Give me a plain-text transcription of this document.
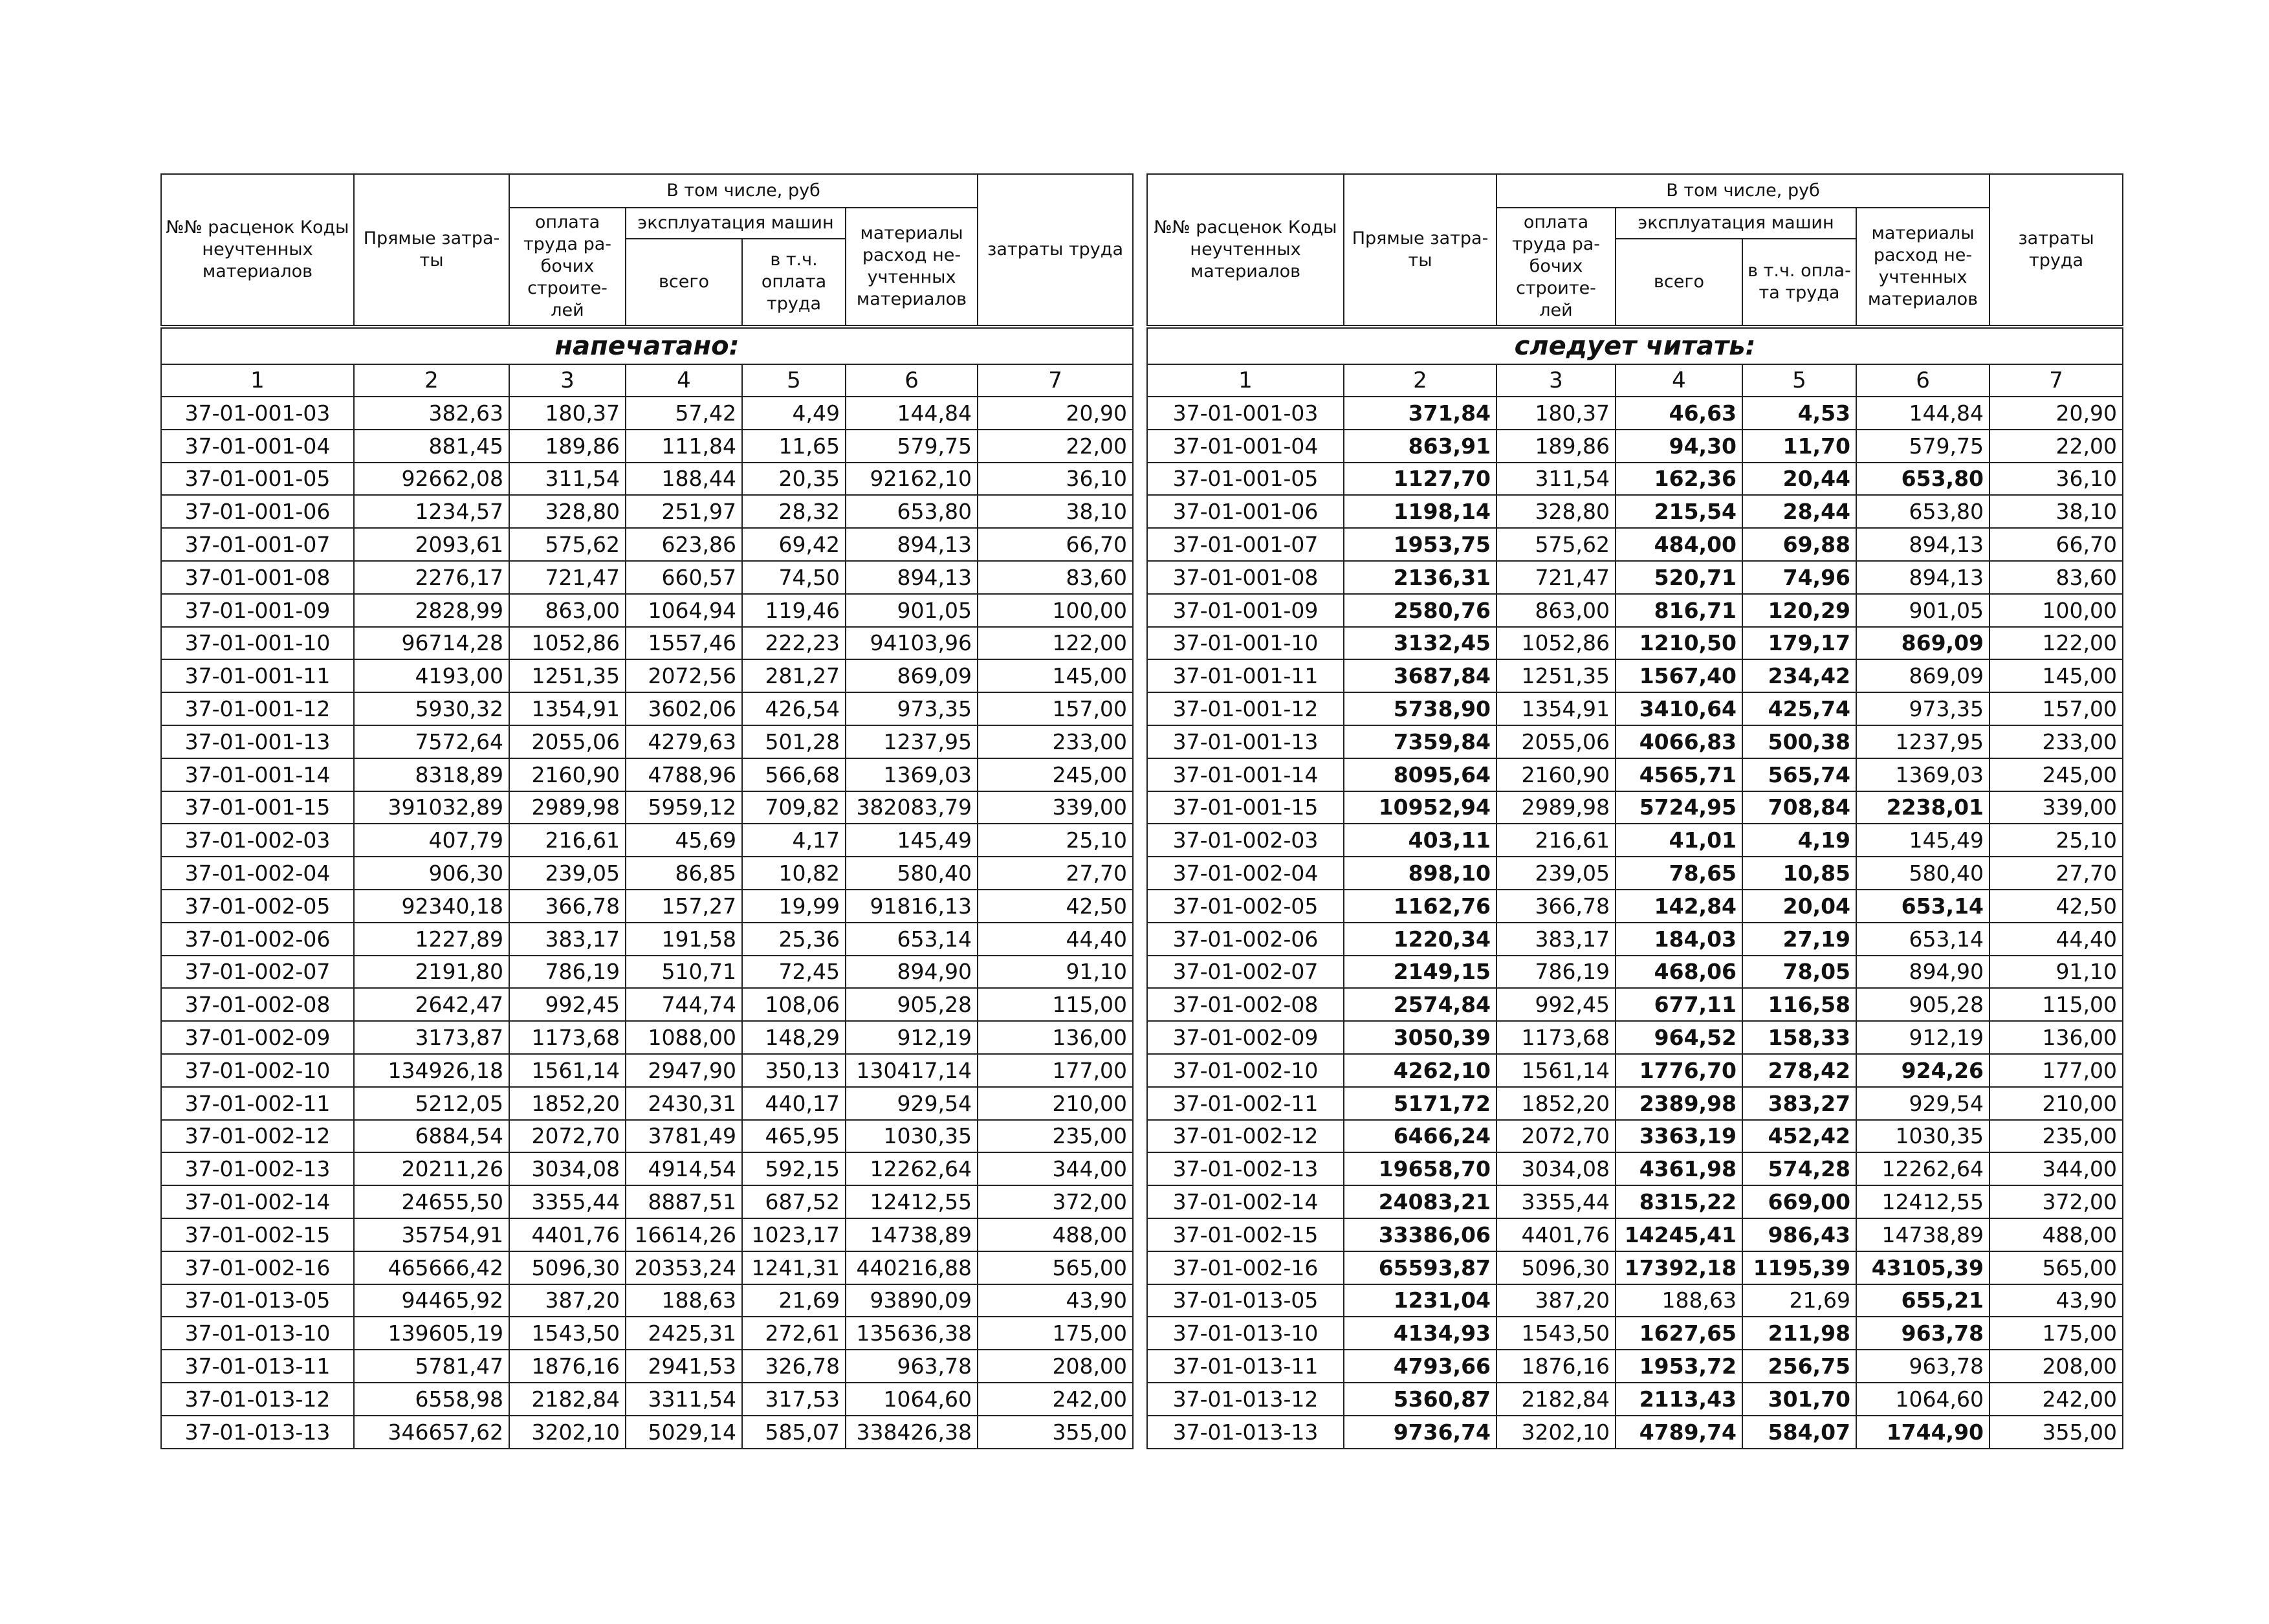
№№ расценок Коды неучтенных материалов	Прямые затра-ты	В том числе, руб				затраты труда
		оплата труда ра-бочих строите-лей	эксплуатация машин		материалы расход не-учтенных материалов	
			всего	в т.ч. оплата труда		

напечатано:						
1	2	3	4	5	6	7
37-01-001-03	382,63	180,37	57,42	4,49	144,84	20,90
37-01-001-04	881,45	189,86	111,84	11,65	579,75	22,00
37-01-001-05	92662,08	311,54	188,44	20,35	92162,10	36,10
37-01-001-06	1234,57	328,80	251,97	28,32	653,80	38,10
37-01-001-07	2093,61	575,62	623,86	69,42	894,13	66,70
37-01-001-08	2276,17	721,47	660,57	74,50	894,13	83,60
37-01-001-09	2828,99	863,00	1064,94	119,46	901,05	100,00
37-01-001-10	96714,28	1052,86	1557,46	222,23	94103,96	122,00
37-01-001-11	4193,00	1251,35	2072,56	281,27	869,09	145,00
37-01-001-12	5930,32	1354,91	3602,06	426,54	973,35	157,00
37-01-001-13	7572,64	2055,06	4279,63	501,28	1237,95	233,00
37-01-001-14	8318,89	2160,90	4788,96	566,68	1369,03	245,00
37-01-001-15	391032,89	2989,98	5959,12	709,82	382083,79	339,00
37-01-002-03	407,79	216,61	45,69	4,17	145,49	25,10
37-01-002-04	906,30	239,05	86,85	10,82	580,40	27,70
37-01-002-05	92340,18	366,78	157,27	19,99	91816,13	42,50
37-01-002-06	1227,89	383,17	191,58	25,36	653,14	44,40
37-01-002-07	2191,80	786,19	510,71	72,45	894,90	91,10
37-01-002-08	2642,47	992,45	744,74	108,06	905,28	115,00
37-01-002-09	3173,87	1173,68	1088,00	148,29	912,19	136,00
37-01-002-10	134926,18	1561,14	2947,90	350,13	130417,14	177,00
37-01-002-11	5212,05	1852,20	2430,31	440,17	929,54	210,00
37-01-002-12	6884,54	2072,70	3781,49	465,95	1030,35	235,00
37-01-002-13	20211,26	3034,08	4914,54	592,15	12262,64	344,00
37-01-002-14	24655,50	3355,44	8887,51	687,52	12412,55	372,00
37-01-002-15	35754,91	4401,76	16614,26	1023,17	14738,89	488,00
37-01-002-16	465666,42	5096,30	20353,24	1241,31	440216,88	565,00
37-01-013-05	94465,92	387,20	188,63	21,69	93890,09	43,90
37-01-013-10	139605,19	1543,50	2425,31	272,61	135636,38	175,00
37-01-013-11	5781,47	1876,16	2941,53	326,78	963,78	208,00
37-01-013-12	6558,98	2182,84	3311,54	317,53	1064,60	242,00
37-01-013-13	346657,62	3202,10	5029,14	585,07	338426,38	355,00
№№ расценок Коды неучтенных материалов	Прямые затра-ты	В том числе, руб				затраты труда
		оплата труда ра-бочих строите-лей	эксплуатация машин		материалы расход не-учтенных материалов	
			всего	в т.ч. опла-та труда		

следует читать:						
1	2	3	4	5	6	7
37-01-001-03	371,84	180,37	46,63	4,53	144,84	20,90
37-01-001-04	863,91	189,86	94,30	11,70	579,75	22,00
37-01-001-05	1127,70	311,54	162,36	20,44	653,80	36,10
37-01-001-06	1198,14	328,80	215,54	28,44	653,80	38,10
37-01-001-07	1953,75	575,62	484,00	69,88	894,13	66,70
37-01-001-08	2136,31	721,47	520,71	74,96	894,13	83,60
37-01-001-09	2580,76	863,00	816,71	120,29	901,05	100,00
37-01-001-10	3132,45	1052,86	1210,50	179,17	869,09	122,00
37-01-001-11	3687,84	1251,35	1567,40	234,42	869,09	145,00
37-01-001-12	5738,90	1354,91	3410,64	425,74	973,35	157,00
37-01-001-13	7359,84	2055,06	4066,83	500,38	1237,95	233,00
37-01-001-14	8095,64	2160,90	4565,71	565,74	1369,03	245,00
37-01-001-15	10952,94	2989,98	5724,95	708,84	2238,01	339,00
37-01-002-03	403,11	216,61	41,01	4,19	145,49	25,10
37-01-002-04	898,10	239,05	78,65	10,85	580,40	27,70
37-01-002-05	1162,76	366,78	142,84	20,04	653,14	42,50
37-01-002-06	1220,34	383,17	184,03	27,19	653,14	44,40
37-01-002-07	2149,15	786,19	468,06	78,05	894,90	91,10
37-01-002-08	2574,84	992,45	677,11	116,58	905,28	115,00
37-01-002-09	3050,39	1173,68	964,52	158,33	912,19	136,00
37-01-002-10	4262,10	1561,14	1776,70	278,42	924,26	177,00
37-01-002-11	5171,72	1852,20	2389,98	383,27	929,54	210,00
37-01-002-12	6466,24	2072,70	3363,19	452,42	1030,35	235,00
37-01-002-13	19658,70	3034,08	4361,98	574,28	12262,64	344,00
37-01-002-14	24083,21	3355,44	8315,22	669,00	12412,55	372,00
37-01-002-15	33386,06	4401,76	14245,41	986,43	14738,89	488,00
37-01-002-16	65593,87	5096,30	17392,18	1195,39	43105,39	565,00
37-01-013-05	1231,04	387,20	188,63	21,69	655,21	43,90
37-01-013-10	4134,93	1543,50	1627,65	211,98	963,78	175,00
37-01-013-11	4793,66	1876,16	1953,72	256,75	963,78	208,00
37-01-013-12	5360,87	2182,84	2113,43	301,70	1064,60	242,00
37-01-013-13	9736,74	3202,10	4789,74	584,07	1744,90	355,00
